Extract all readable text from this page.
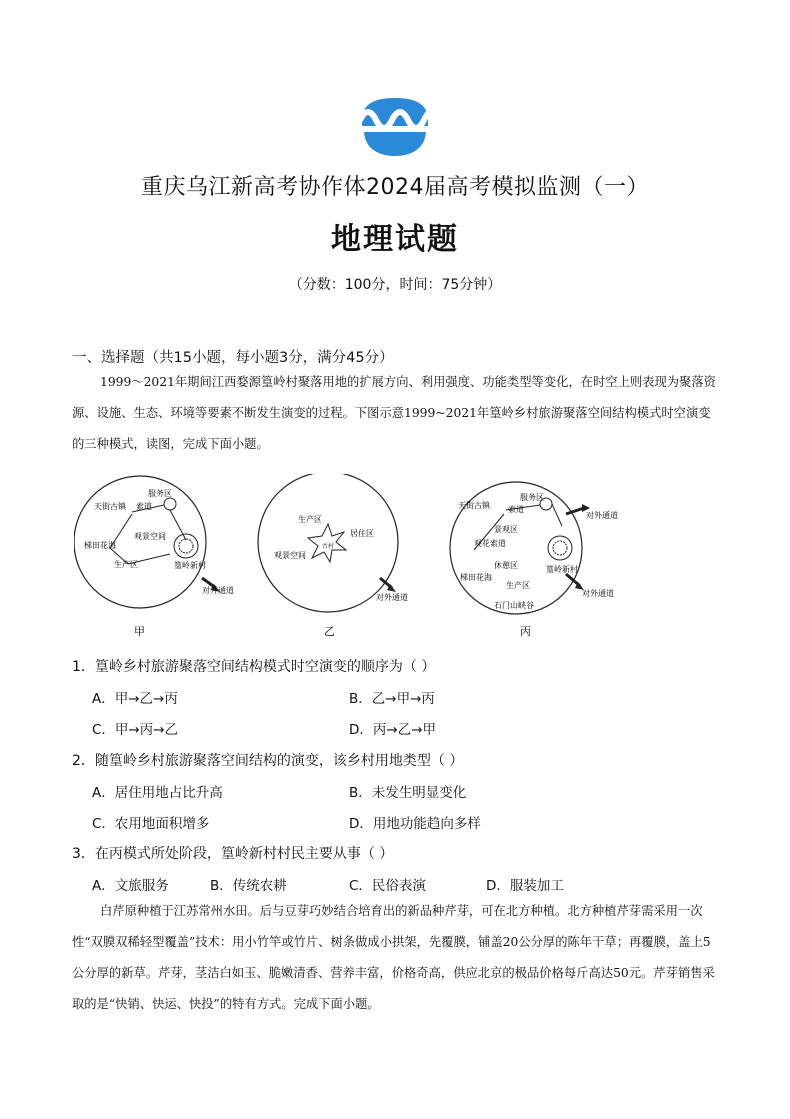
重庆乌江新高考协作体2024届高考模拟监测（一）
地理试题
（分数：100分，时间：75分钟）
一、选择题（共15小题，每小题3分，满分45分）
1999～2021年期间江西婺源篁岭村聚落用地的扩展方向、利用强度、功能类型等变化，在时空上则表现为聚落资源、设施、生态、环境等要素不断发生演变的过程。下图示意1999~2021年篁岭乡村旅游聚落空间结构模式时空演变的三种模式，读图，完成下面小题。
服务区
天街古镇 索道
观景空间
梯田花海
生产区	篁岭新村
对外通道
甲
生产区
居住区
观景空间
古村
对外通道
乙
天街古镇
服务区
索道
对外通道
景观区
观花索道
篁岭新村
休憩区
梯田花海
生产区
石门山峡谷
对外通道
丙
1．篁岭乡村旅游聚落空间结构模式时空演变的顺序为（ ）
A．甲→乙→丙	B．乙→甲→丙
C．甲→丙→乙	D．丙→乙→甲
2．随篁岭乡村旅游聚落空间结构的演变，该乡村用地类型（ ）
A．居住用地占比升高	B．未发生明显变化
C．农用地面积增多	D．用地功能趋向多样
3．在丙模式所处阶段，篁岭新村村民主要从事（ ）
A．文旅服务	B．传统农耕	C．民俗表演	D．服装加工
白芹原种植于江苏常州水田。后与豆芽巧妙结合培育出的新品种芹芽，可在北方种植。北方种植芹芽需采用一次性“双膜双稀轻型覆盖”技术：用小竹竿或竹片、树条做成小拱架，先覆膜，铺盖20公分厚的陈年干草；再覆膜，盖上5公分厚的新草。芹芽，茎洁白如玉、脆嫩清香、营养丰富，价格奇高，供应北京的极品价格每斤高达50元。芹芽销售采取的是“快销、快运、快投”的特有方式。完成下面小题。
